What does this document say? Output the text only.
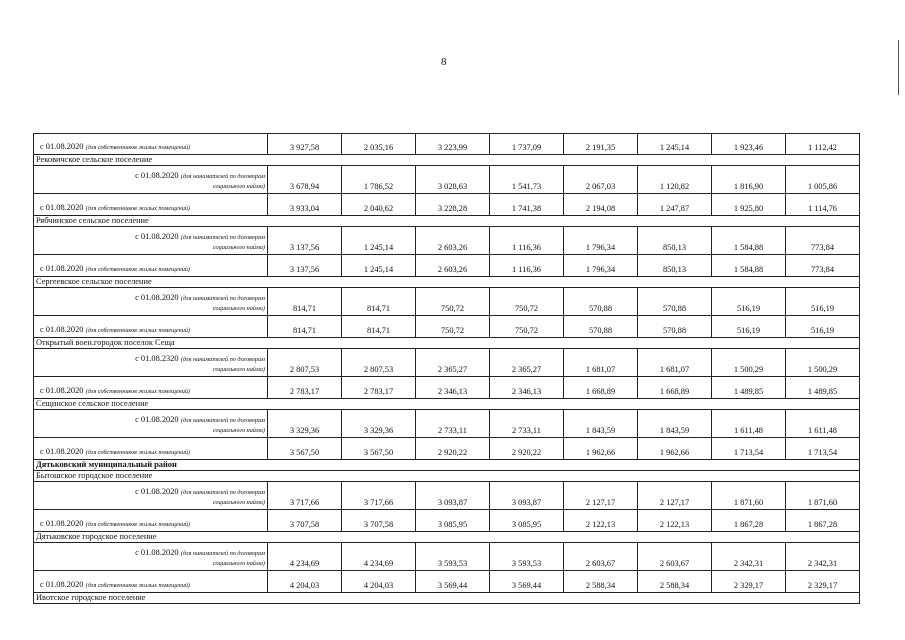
8
с 01.08.2020 (для собственников жилых помещений)	3 927,58	2 035,16	3 223,99	1 737,09	2 191,35	1 245,14	1 923,46	1 112,42
Рековичское сельское поселение								

с 01.08.2020 (для нанимателей по договорам
социального найма)	3 678,94	1 786,52	3 028,63	1 541,73	2 067,03	1 120,82	1 816,90	1 005,86
с 01.08.2020 (для собственников жилых помещений)	3 933,04	2 040,62	3 228,28	1 741,38	2 194,08	1 247,87	1 925,80	1 114,76
Рябчинское сельское поселение								

с 01.08.2020 (для нанимателей по договорам
социального найма)	3 137,56	1 245,14	2 603,26	1 116,36	1 796,34	850,13	1 584,88	773,84
с 01.08.2020 (для собственников жилых помещений)	3 137,56	1 245,14	2 603,26	1 116,36	1 796,34	850,13	1 584,88	773,84
Сергеевское сельское поселение								

с 01.08.2020 (для нанимателей по договорам
социального найма)	814,71	814,71	750,72	750,72	570,88	570,88	516,19	516,19
с 01.08.2020 (для собственников жилых помещений)	814,71	814,71	750,72	750,72	570,88	570,88	516,19	516,19
Открытый воен.городок поселок Сеща								

с 01.08.2320 (для нанимателей по договорам
социального найма)	2 807,53	2 807,53	2 365,27	2 365,27	1 681,07	1 681,07	1 500,29	1 500,29
с 01.08.2020 (для собственников жилых помещений)	2 783,17	2 783,17	2 346,13	2 346,13	1 668,89	1 668,89	1 489,85	1 489,85
Сещинское сельское поселение								

с 01.08.2020 (для нанимателей по договорам
социального найма)	3 329,36	3 329,36	2 733,11	2 733,11	1 843,59	1 843,59	1 611,48	1 611,48
с 01.08.2020 (для собственников жилых помещений)	3 567,50	3 567,50	2 920,22	2 920,22	1 962,66	1 962,66	1 713,54	1 713,54
Дятьковский муниципальный район								
Бытошское городское поселение								

с 01.08.2020 (для нанимателей по договорам
социального найма)	3 717,66	3 717,66	3 093,87	3 093,87	2 127,17	2 127,17	1 871,60	1 871,60
с 01.08.2020 (для собственников жилых помещений)	3 707,58	3 707,58	3 085,95	3 085,95	2 122,13	2 122,13	1 867,28	1 867,28
Дятьковское городское поселение								

с 01.08.2020 (для нанимателей по договорам
социального найма)	4 234,69	4 234,69	3 593,53	3 593,53	2 603,67	2 603,67	2 342,31	2 342,31
с 01.08.2020 (для собственников жилых помещений)	4 204,03	4 204,03	3 569,44	3 569,44	2 588,34	2 588,34	2 329,17	2 329,17
Ивотское городское поселение								
